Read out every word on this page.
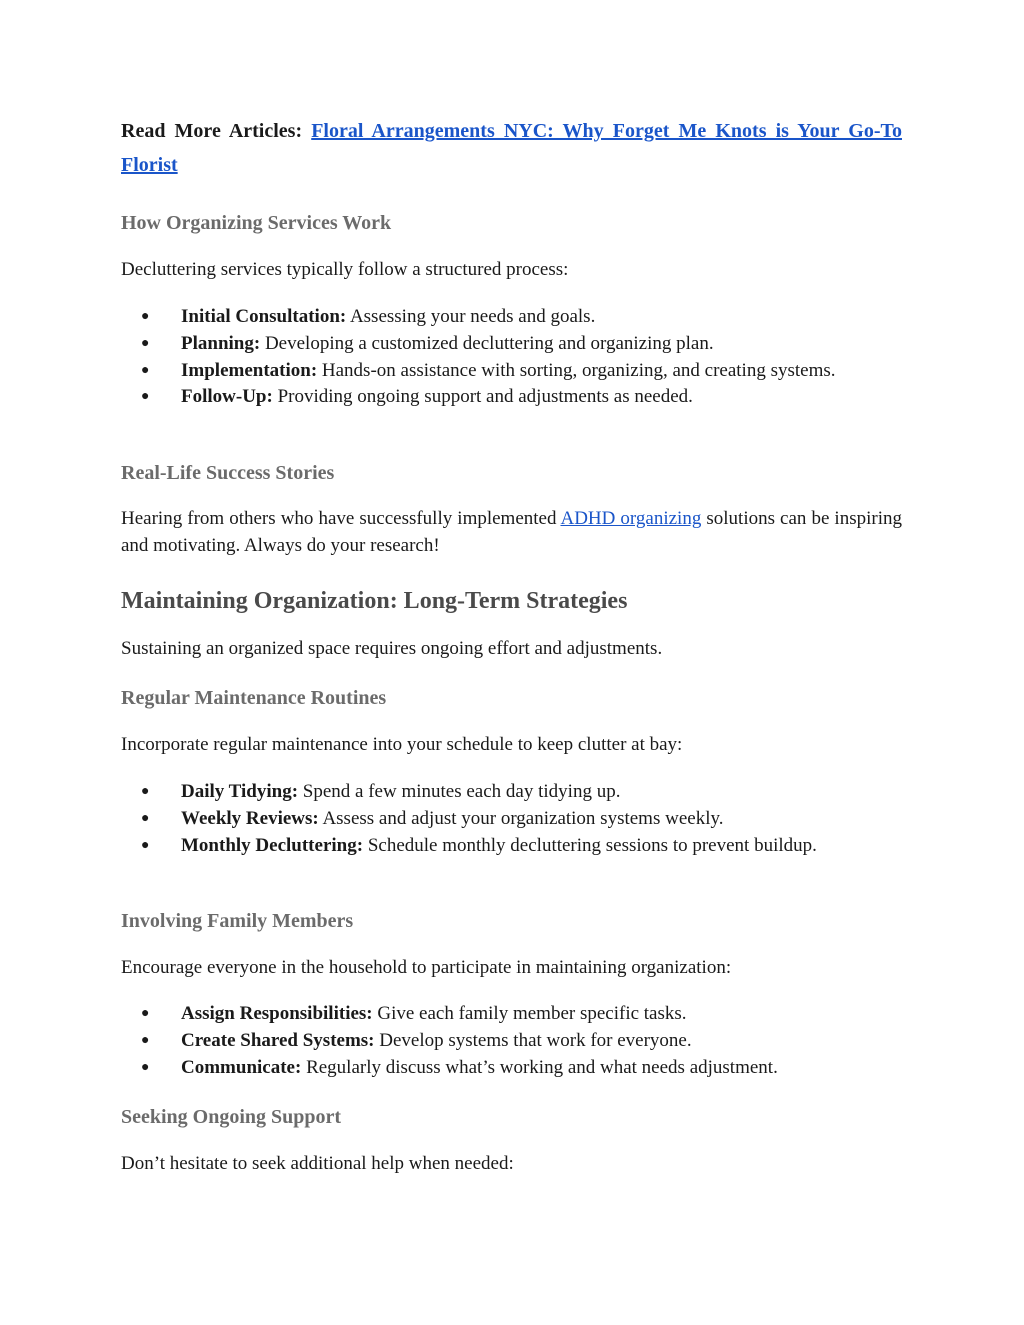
Read More Articles: Floral Arrangements NYC: Why Forget Me Knots is Your Go-To Florist
How Organizing Services Work

Decluttering services typically follow a structured process:

● Initial Consultation: Assessing your needs and goals.
● Planning: Developing a customized decluttering and organizing plan.
● Implementation: Hands-on assistance with sorting, organizing, and creating systems.
● Follow-Up: Providing ongoing support and adjustments as needed.
Real-Life Success Stories

Hearing from others who have successfully implemented ADHD organizing solutions can be inspiring and motivating. Always do your research!

Maintaining Organization: Long-Term Strategies

Sustaining an organized space requires ongoing effort and adjustments.

Regular Maintenance Routines

Incorporate regular maintenance into your schedule to keep clutter at bay:

● Daily Tidying: Spend a few minutes each day tidying up.
● Weekly Reviews: Assess and adjust your organization systems weekly.
● Monthly Decluttering: Schedule monthly decluttering sessions to prevent buildup.
Involving Family Members

Encourage everyone in the household to participate in maintaining organization:

● Assign Responsibilities: Give each family member specific tasks.
● Create Shared Systems: Develop systems that work for everyone.
● Communicate: Regularly discuss what’s working and what needs adjustment.
Seeking Ongoing Support

Don’t hesitate to seek additional help when needed:
